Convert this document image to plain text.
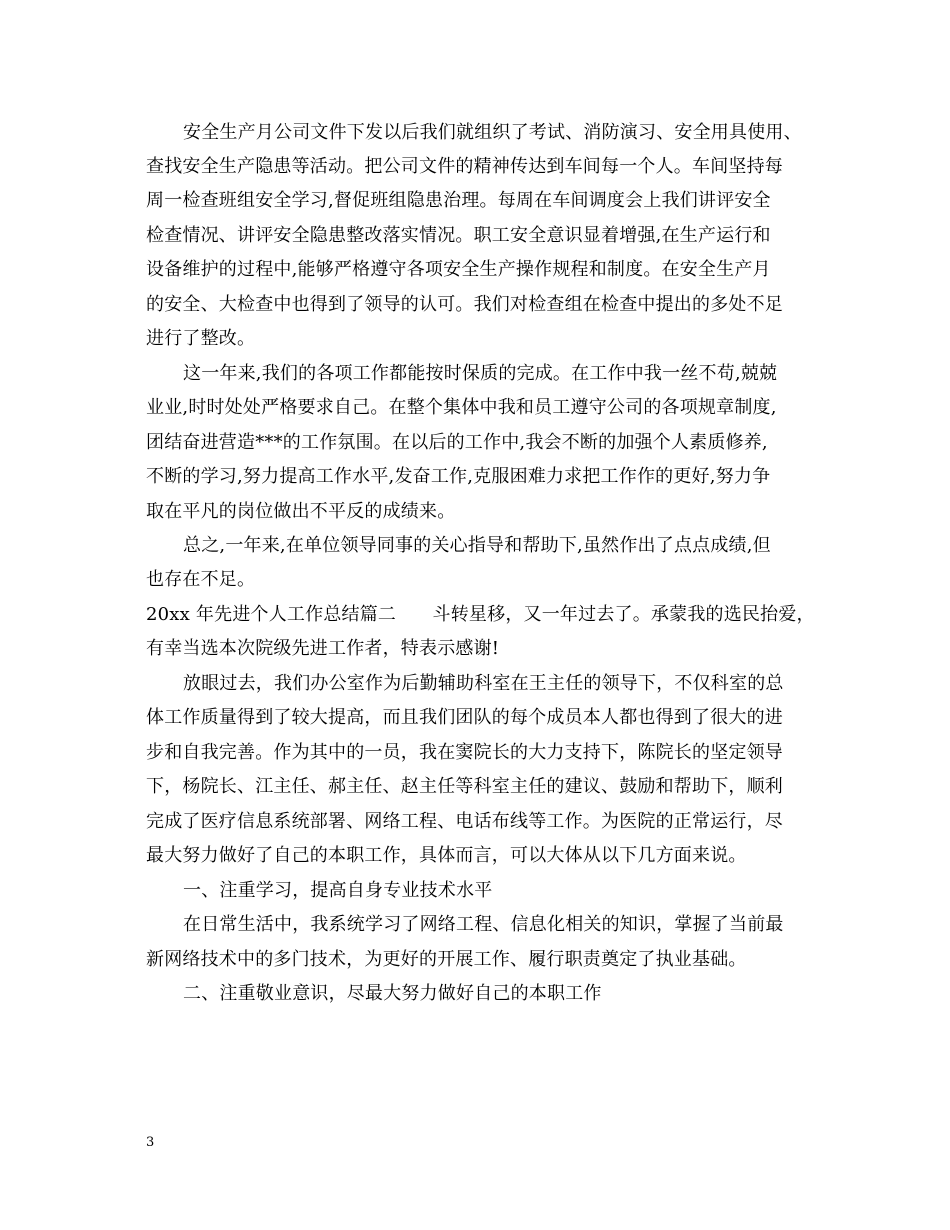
安全生产月公司文件下发以后我们就组织了考试、消防演习、安全用具使用、
查找安全生产隐患等活动。把公司文件的精神传达到车间每一个人。车间坚持每
周一检查班组安全学习,督促班组隐患治理。每周在车间调度会上我们讲评安全
检查情况、讲评安全隐患整改落实情况。职工安全意识显着增强,在生产运行和
设备维护的过程中,能够严格遵守各项安全生产操作规程和制度。在安全生产月
的安全、大检查中也得到了领导的认可。我们对检查组在检查中提出的多处不足
进行了整改。
这一年来,我们的各项工作都能按时保质的完成。在工作中我一丝不苟,兢兢
业业,时时处处严格要求自己。在整个集体中我和员工遵守公司的各项规章制度,
团结奋进营造***的工作氛围。在以后的工作中,我会不断的加强个人素质修养,
不断的学习,努力提高工作水平,发奋工作,克服困难力求把工作作的更好,努力争
取在平凡的岗位做出不平反的成绩来。
总之,一年来,在单位领导同事的关心指导和帮助下,虽然作出了点点成绩,但
也存在不足。
20xx 年先进个人工作总结篇二　　斗转星移，又一年过去了。承蒙我的选民抬爱，
有幸当选本次院级先进工作者，特表示感谢!
放眼过去，我们办公室作为后勤辅助科室在王主任的领导下，不仅科室的总
体工作质量得到了较大提高，而且我们团队的每个成员本人都也得到了很大的进
步和自我完善。作为其中的一员，我在窦院长的大力支持下，陈院长的坚定领导
下，杨院长、江主任、郝主任、赵主任等科室主任的建议、鼓励和帮助下，顺利
完成了医疗信息系统部署、网络工程、电话布线等工作。为医院的正常运行，尽
最大努力做好了自己的本职工作，具体而言，可以大体从以下几方面来说。
一、注重学习，提高自身专业技术水平
在日常生活中，我系统学习了网络工程、信息化相关的知识，掌握了当前最
新网络技术中的多门技术，为更好的开展工作、履行职责奠定了执业基础。
二、注重敬业意识，尽最大努力做好自己的本职工作
3
